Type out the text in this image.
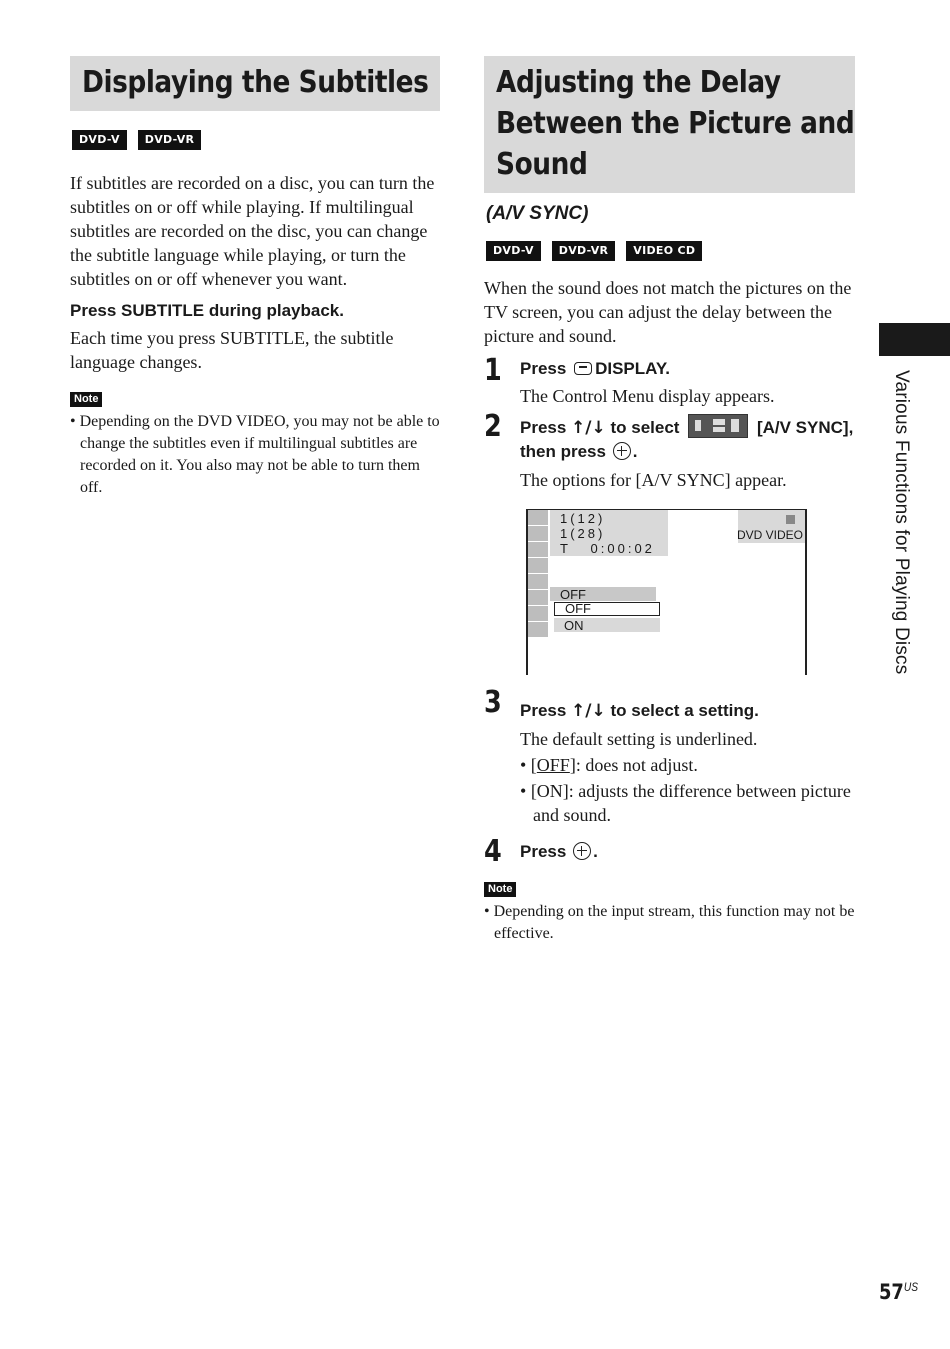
Displaying the Subtitles
DVD-V	DVD-VR

If subtitles are recorded on a disc, you can turn the subtitles on or off while playing. If multilingual subtitles are recorded on the disc, you can change the subtitle language while playing, or turn the subtitles on or off whenever you want.

Press SUBTITLE during playback.

Each time you press SUBTITLE, the subtitle language changes.

Note

• Depending on the DVD VIDEO, you may not be able to change the subtitles even if multilingual subtitles are recorded on it. You also may not be able to turn them off.

Adjusting the Delay
Between the Picture and
Sound
(A/V SYNC)
DVD-V	DVD-VR	VIDEO CD

When the sound does not match the pictures on the TV screen, you can adjust the delay between the picture and sound.

1 Press DISPLAY.

The Control Menu display appears.

2 Press ↑/↓ to select	[A/V SYNC], then press .

The options for [A/V SYNC] appear.

1(12)
1(28)
T   0:00:02
DVD VIDEO
OFF
OFF
ON
3 Press ↑/↓ to select a setting.

The default setting is underlined.

• [OFF]: does not adjust.

• [ON]: adjusts the difference between picture and sound.

4 Press .

Note

• Depending on the input stream, this function may not be effective.

Various Functions for Playing Discs
$57^{US}$
